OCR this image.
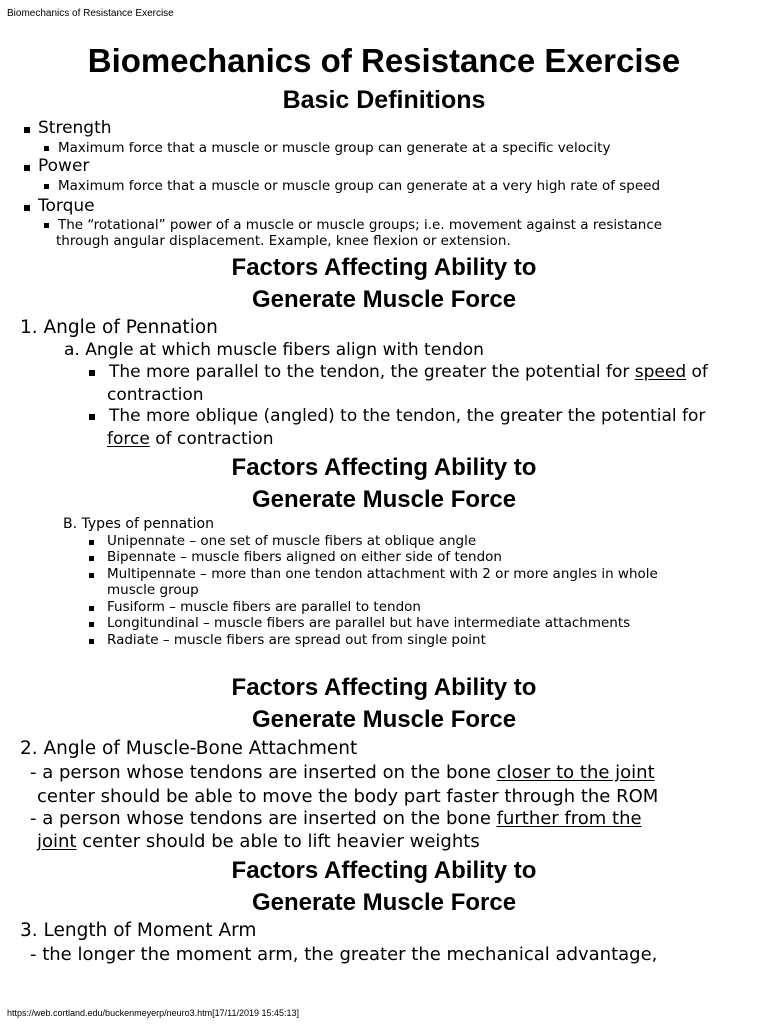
Biomechanics of Resistance Exercise
Biomechanics of Resistance Exercise
Basic Definitions
Strength
Maximum force that a muscle or muscle group can generate at a specific velocity
Power
Maximum force that a muscle or muscle group can generate at a very high rate of speed
Torque
The “rotational” power of a muscle or muscle groups; i.e. movement against a resistance
through angular displacement. Example, knee flexion or extension.
Factors Affecting Ability to
Generate Muscle Force
1. Angle of Pennation
a. Angle at which muscle fibers align with tendon
The more parallel to the tendon, the greater the potential for speed of
contraction
The more oblique (angled) to the tendon, the greater the potential for
force of contraction
Factors Affecting Ability to
Generate Muscle Force
B. Types of pennation
Unipennate – one set of muscle fibers at oblique angle
Bipennate – muscle fibers aligned on either side of tendon
Multipennate – more than one tendon attachment with 2 or more angles in whole
muscle group
Fusiform – muscle fibers are parallel to tendon
Longitundinal – muscle fibers are parallel but have intermediate attachments
Radiate – muscle fibers are spread out from single point
Factors Affecting Ability to
Generate Muscle Force
2. Angle of Muscle-Bone Attachment
- a person whose tendons are inserted on the bone closer to the joint
center should be able to move the body part faster through the ROM
- a person whose tendons are inserted on the bone further from the
joint center should be able to lift heavier weights
Factors Affecting Ability to
Generate Muscle Force
3. Length of Moment Arm
- the longer the moment arm, the greater the mechanical advantage,
https://web.cortland.edu/buckenmeyerp/neuro3.htm[17/11/2019 15:45:13]
